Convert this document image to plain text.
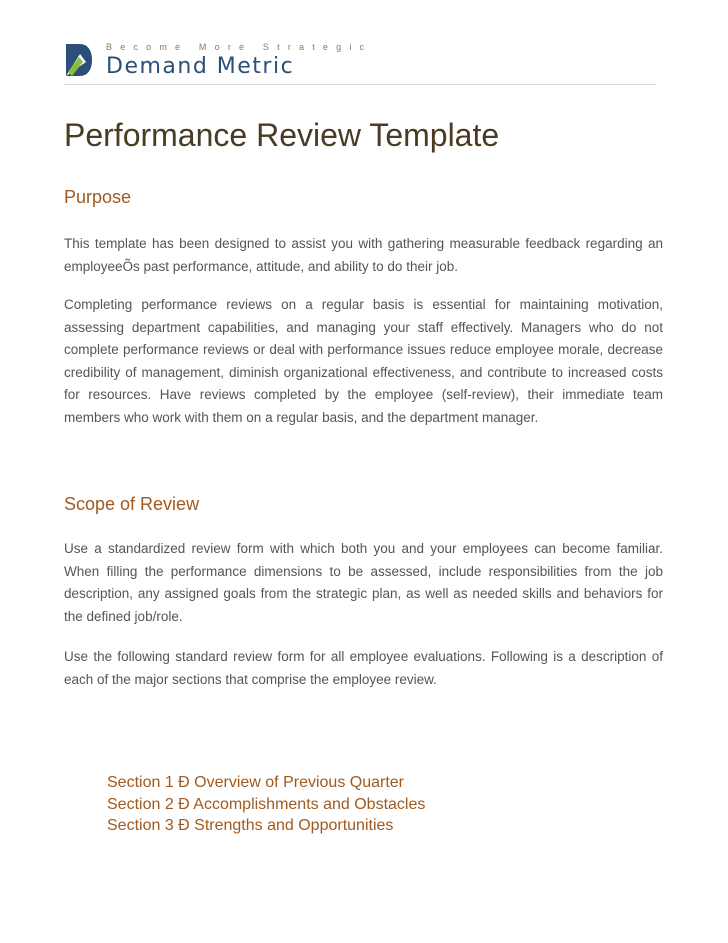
Become More Strategic
Demand Metric
Performance Review Template
Purpose

This template has been designed to assist you with gathering measurable feedback regarding an employeeÕs past performance, attitude, and ability to do their job.

Completing performance reviews on a regular basis is essential for maintaining motivation, assessing department capabilities, and managing your staff effectively. Managers who do not complete performance reviews or deal with performance issues reduce employee morale, decrease credibility of management, diminish organizational effectiveness, and contribute to increased costs for resources. Have reviews completed by the employee (self-review), their immediate team members who work with them on a regular basis, and the department manager.

Scope of Review

Use a standardized review form with which both you and your employees can become familiar. When filling the performance dimensions to be assessed, include responsibilities from the job description, any assigned goals from the strategic plan, as well as needed skills and behaviors for the defined job/role.

Use the following standard review form for all employee evaluations. Following is a description of each of the major sections that comprise the employee review.

Section 1 Ð Overview of Previous Quarter
Section 2 Ð Accomplishments and Obstacles
Section 3 Ð Strengths and Opportunities
